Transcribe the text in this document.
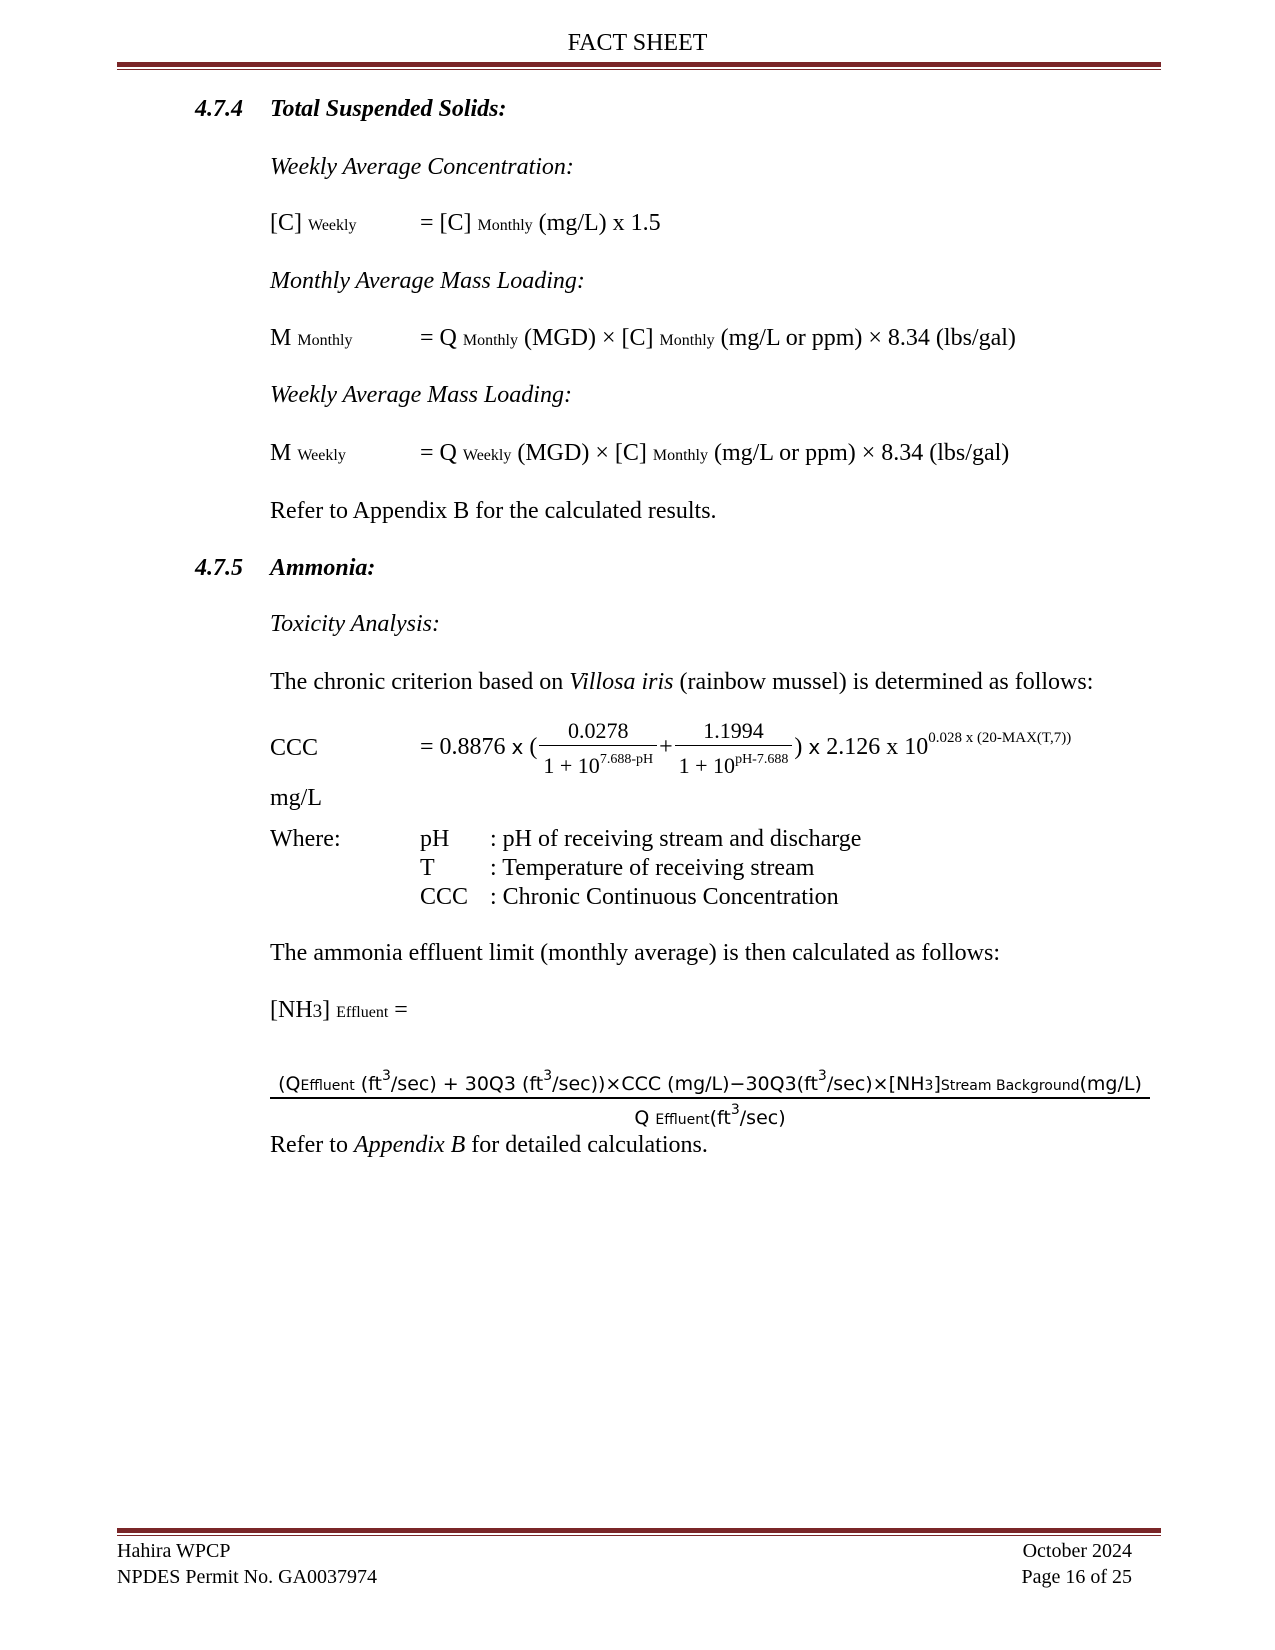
FACT SHEET
4.7.4 Total Suspended Solids:
Weekly Average Concentration:
[C] Weekly	= [C] Monthly (mg/L) x 1.5
Monthly Average Mass Loading:
M Monthly	= Q Monthly (MGD) × [C] Monthly (mg/L or ppm) × 8.34 (lbs/gal)
Weekly Average Mass Loading:
M Weekly	= Q Weekly (MGD) × [C] Monthly (mg/L or ppm) × 8.34 (lbs/gal)
Refer to Appendix B for the calculated results.
4.7.5 Ammonia:
Toxicity Analysis:
The chronic criterion based on Villosa iris (rainbow mussel) is determined as follows:
CCC
mg/L
= 0.8876 x ( $\frac{0.0278}{1 + 10^{7.688-pH}} + \frac{1.1994}{1 + 10^{pH-7.688}}$ ) x 2.126 x $10^{0.028 x (20-MAX(T,7))}$
Where:	pH : pH of receiving stream and discharge
T : Temperature of receiving stream
CCC : Chronic Continuous Concentration
The ammonia effluent limit (monthly average) is then calculated as follows:
[NH3] Effluent =
(QEffluent $(ft^3/\sec) + 30Q3$ $(ft^3/\sec))\times CCC$ $(mg/L)-30Q3(ft^3/\sec)\times[NH3]Stream$ Background(mg/L)
Q $Effluent(ft^3/\sec)$
Refer to Appendix B for detailed calculations.
Hahira WPCP
NPDES Permit No. GA0037974
October 2024
Page 16 of 25
